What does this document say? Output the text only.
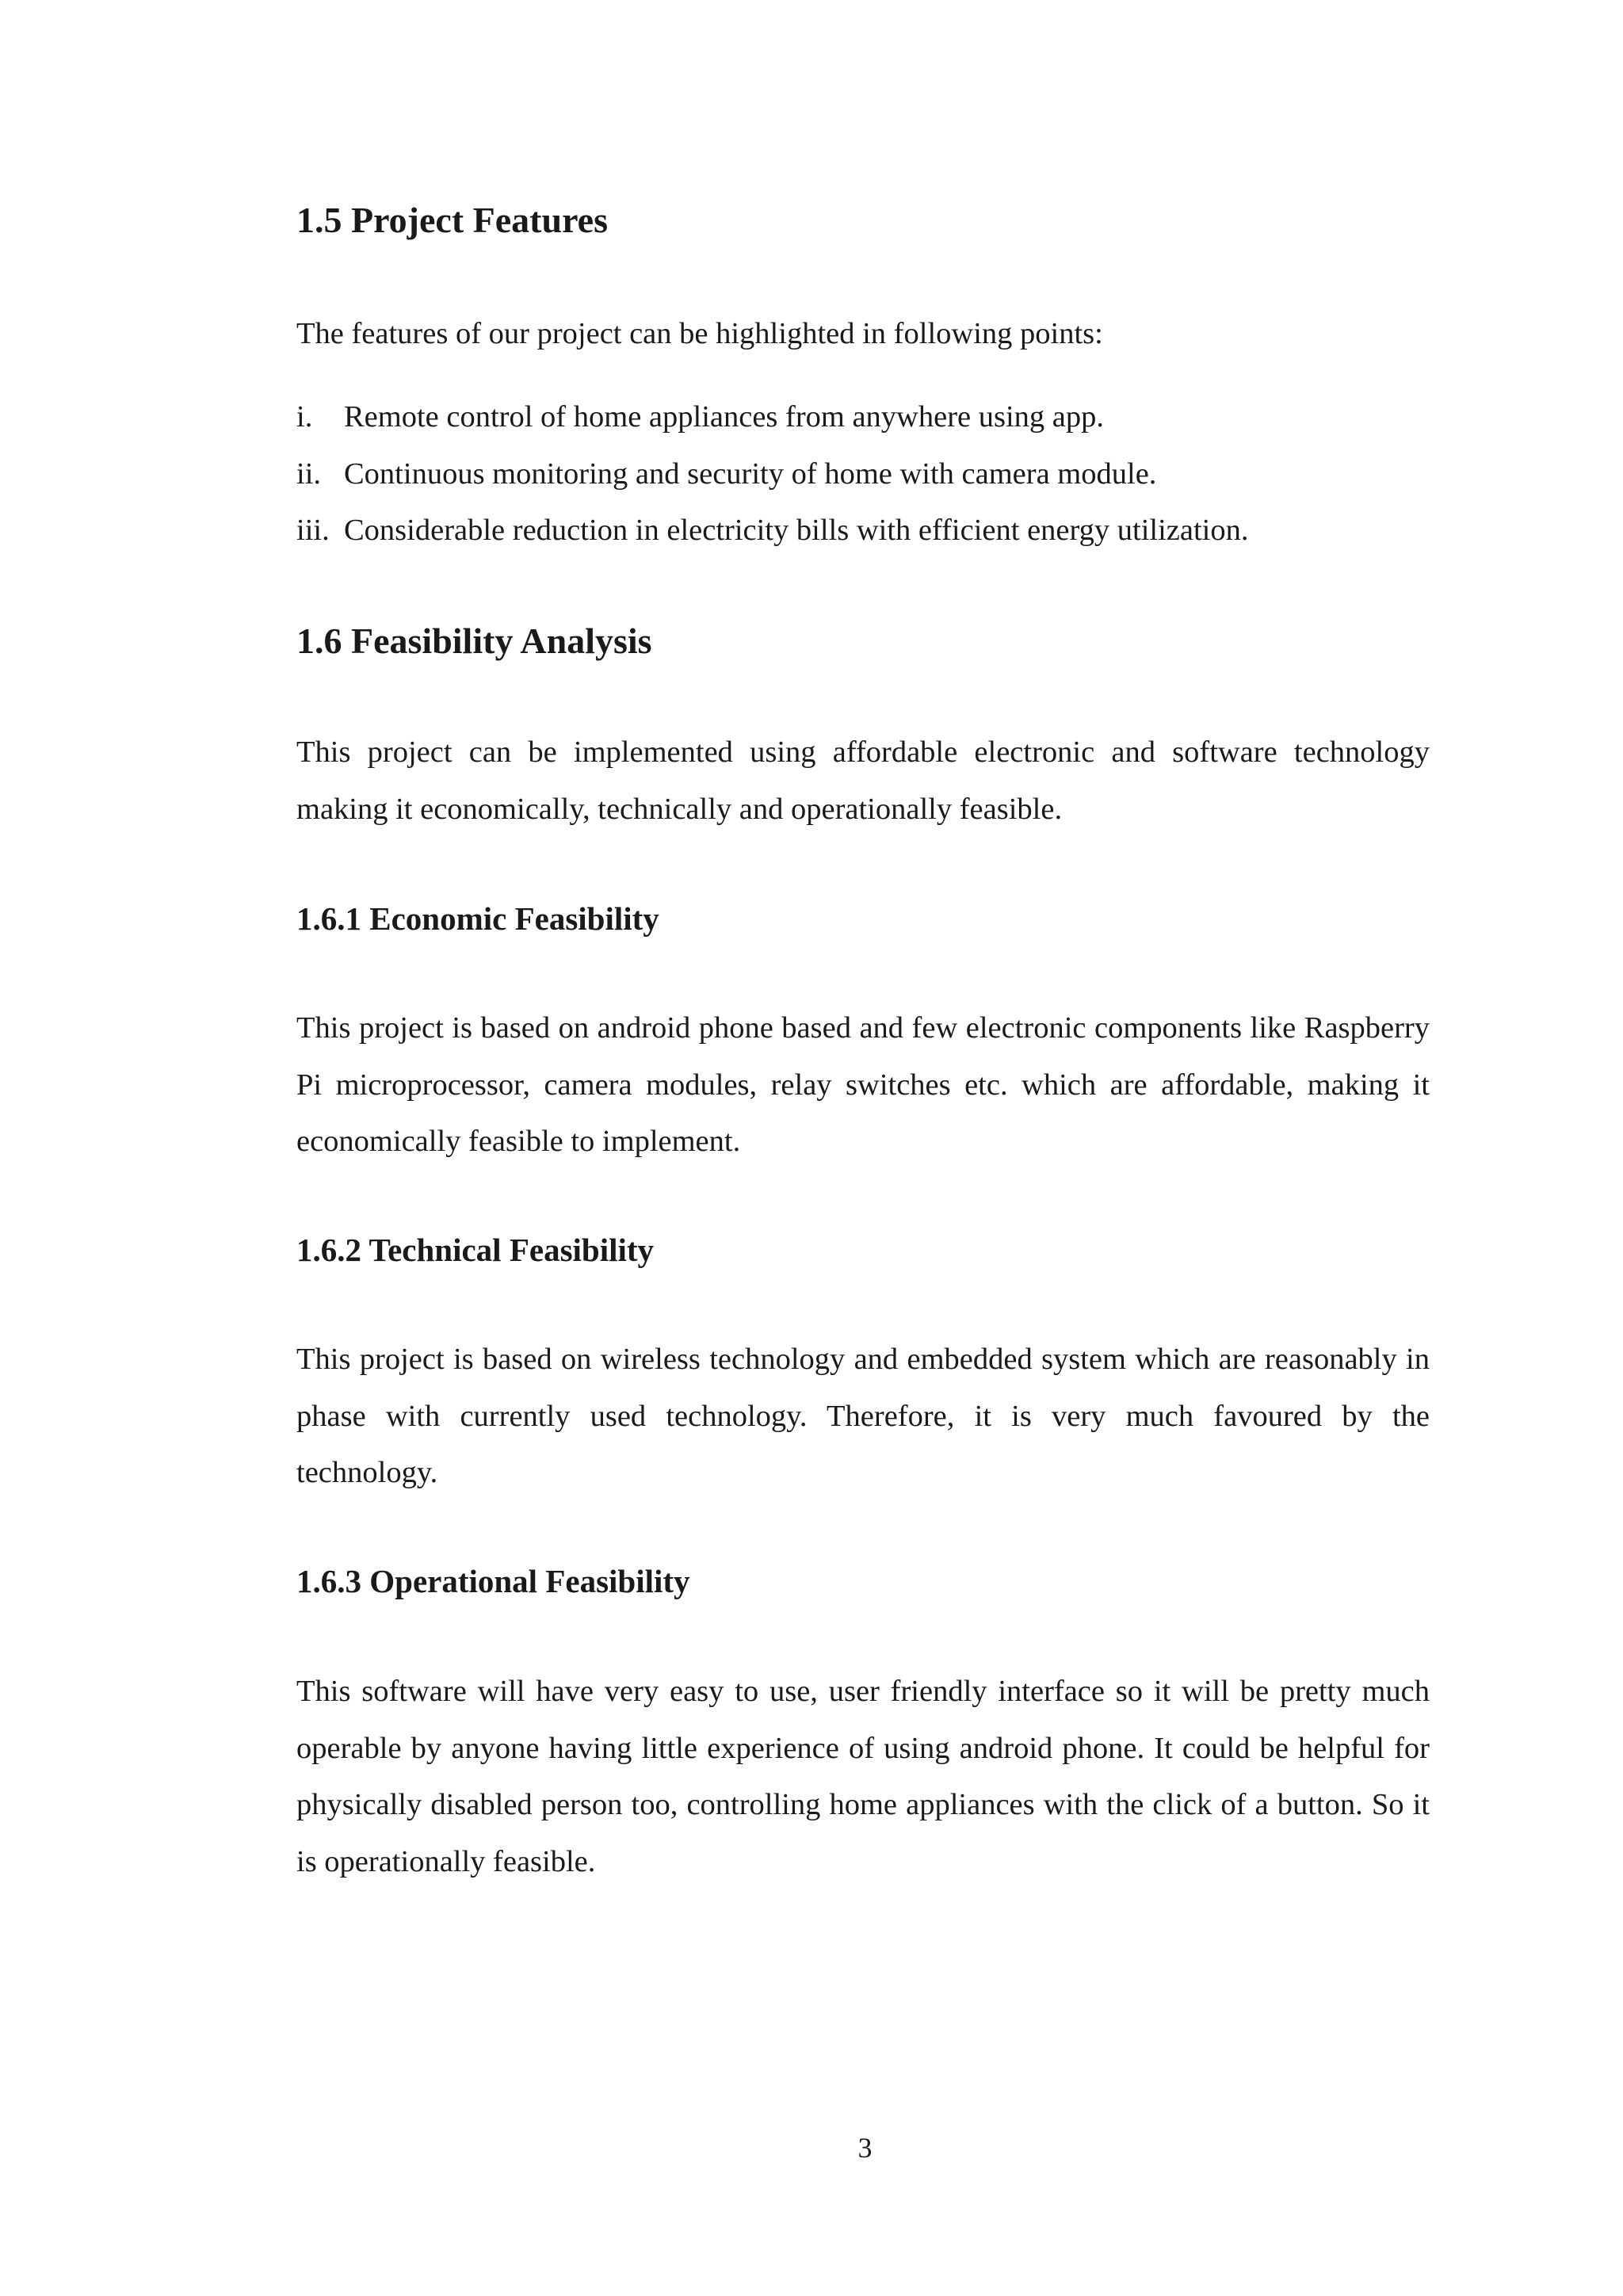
1.5 Project Features

The features of our project can be highlighted in following points:

i. Remote control of home appliances from anywhere using app.
ii. Continuous monitoring and security of home with camera module.
iii. Considerable reduction in electricity bills with efficient energy utilization.
1.6 Feasibility Analysis

This project can be implemented using affordable electronic and software technology making it economically, technically and operationally feasible.

1.6.1 Economic Feasibility

This project is based on android phone based and few electronic components like Raspberry Pi microprocessor, camera modules, relay switches etc. which are affordable, making it economically feasible to implement.

1.6.2 Technical Feasibility

This project is based on wireless technology and embedded system which are reasonably in phase with currently used technology. Therefore, it is very much favoured by the technology.

1.6.3 Operational Feasibility

This software will have very easy to use, user friendly interface so it will be pretty much operable by anyone having little experience of using android phone. It could be helpful for physically disabled person too, controlling home appliances with the click of a button. So it is operationally feasible.

3
